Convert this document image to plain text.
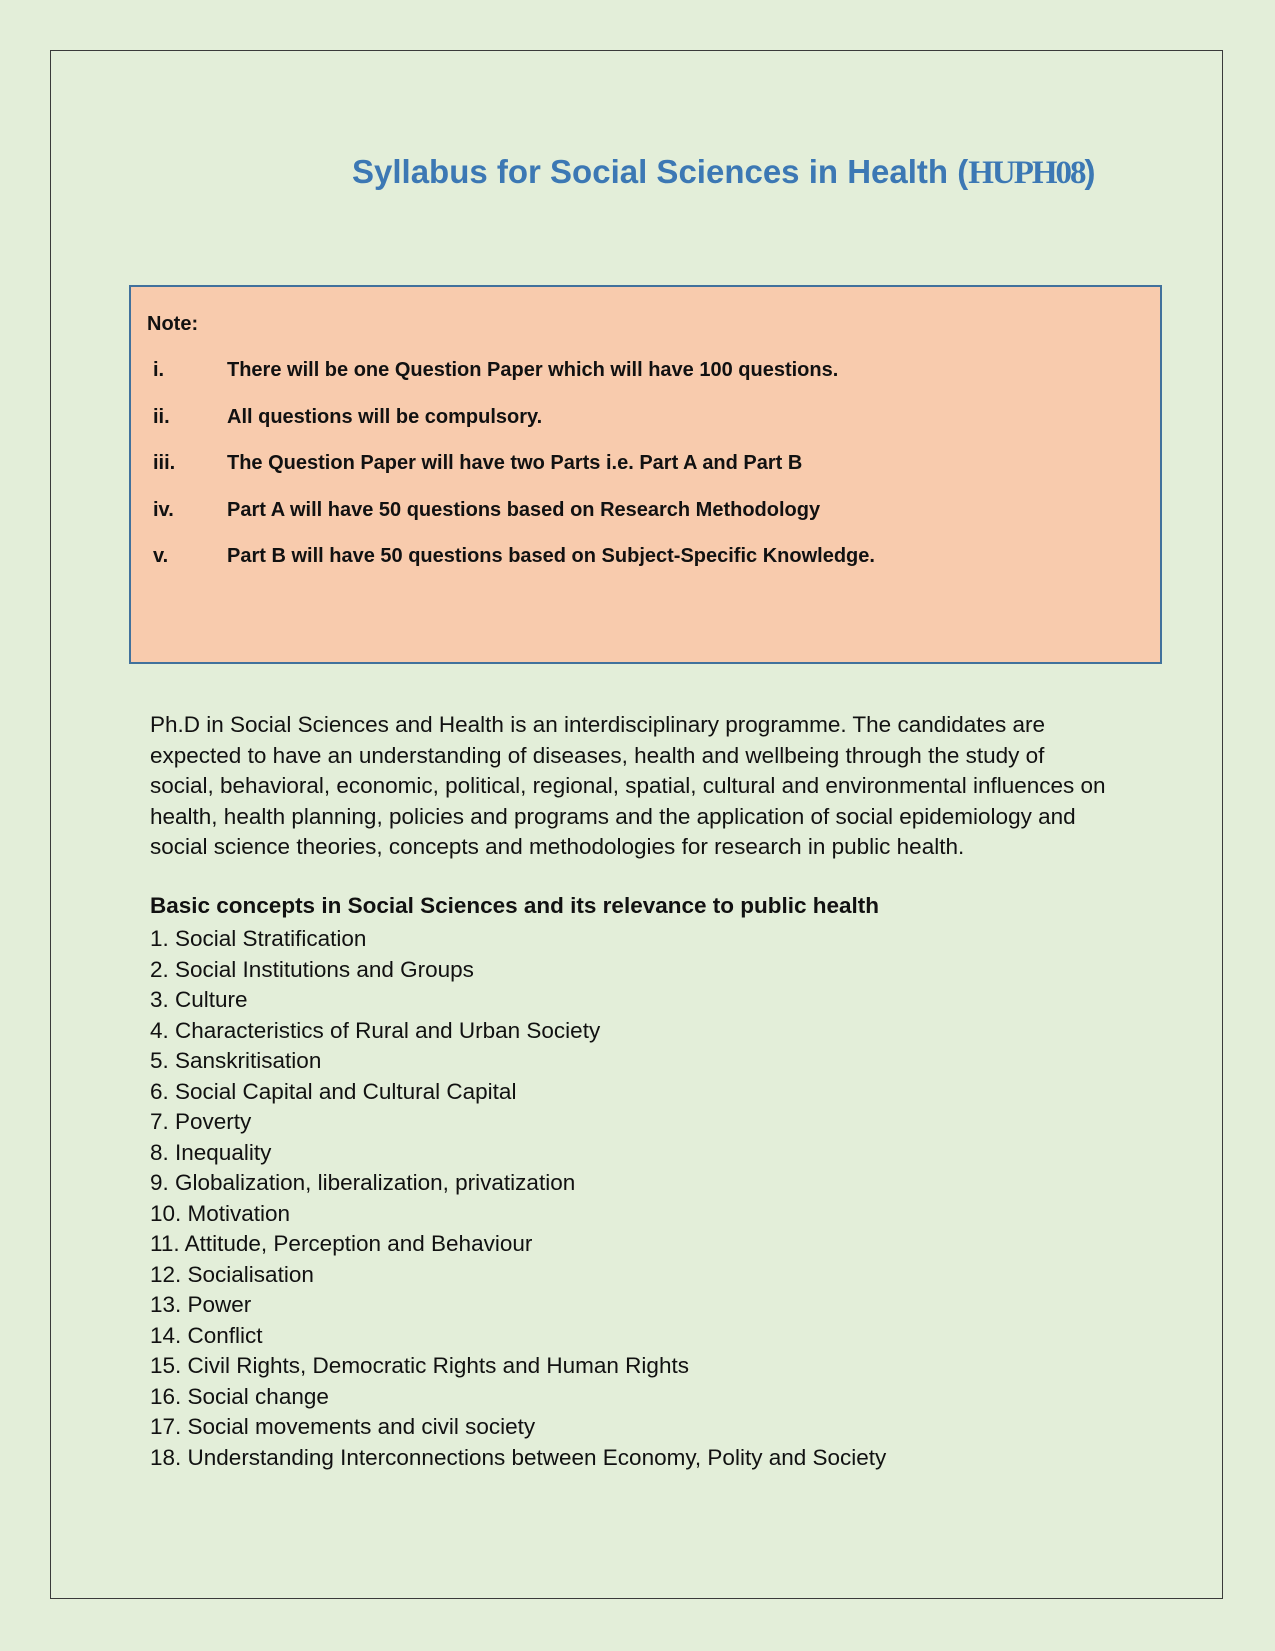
Syllabus for Social Sciences in Health (HUPH08)
Note:
i.	There will be one Question Paper which will have 100 questions.
ii.	All questions will be compulsory.
iii.	The Question Paper will have two Parts i.e. Part A and Part B
iv.	Part A will have 50 questions based on Research Methodology
v.	Part B will have 50 questions based on Subject-Specific Knowledge.

Ph.D in Social Sciences and Health is an interdisciplinary programme. The candidates are expected to have an understanding of diseases, health and wellbeing through the study of social, behavioral, economic, political, regional, spatial, cultural and environmental influences on health, health planning, policies and programs and the application of social epidemiology and social science theories, concepts and methodologies for research in public health.

Basic concepts in Social Sciences and its relevance to public health
1. Social Stratification
2. Social Institutions and Groups
3. Culture
4. Characteristics of Rural and Urban Society
5. Sanskritisation
6. Social Capital and Cultural Capital
7. Poverty
8. Inequality
9. Globalization, liberalization, privatization
10. Motivation
11. Attitude, Perception and Behaviour
12. Socialisation
13. Power
14. Conflict
15. Civil Rights, Democratic Rights and Human Rights
16. Social change
17. Social movements and civil society
18. Understanding Interconnections between Economy, Polity and Society
